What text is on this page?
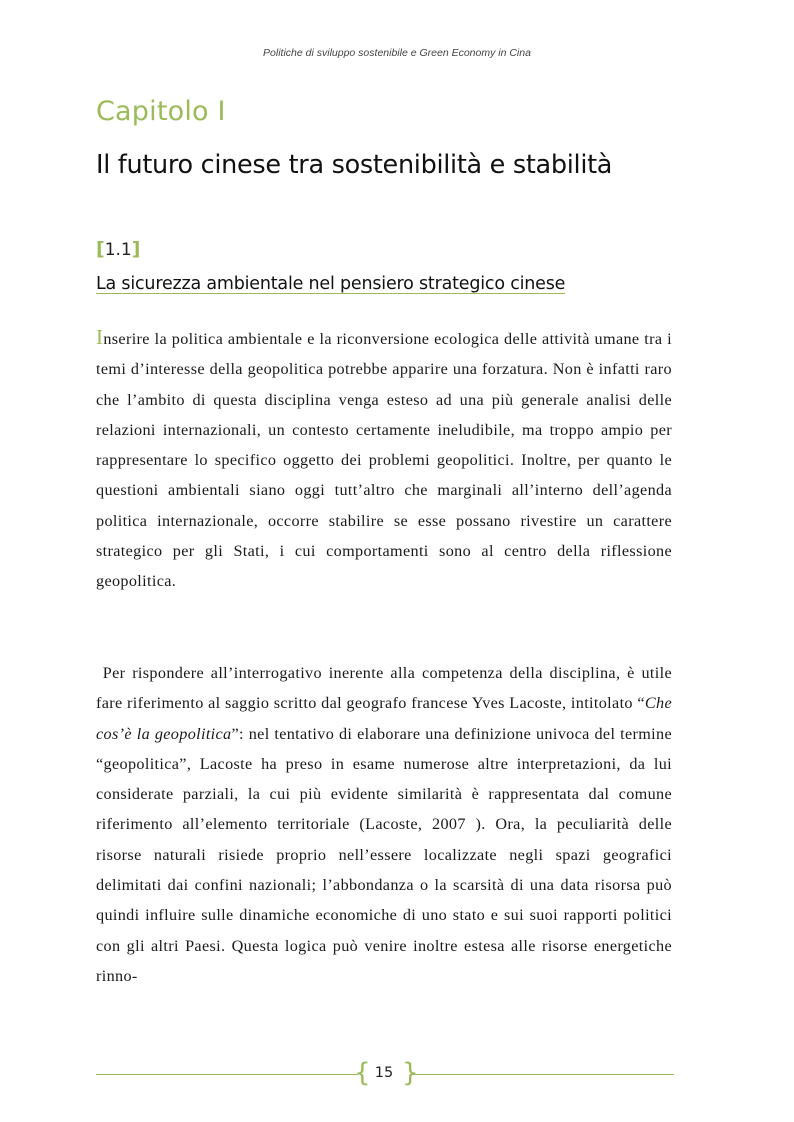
Politiche di sviluppo sostenibile e Green Economy in Cina
Capitolo I
Il futuro cinese tra sostenibilità e stabilità
[1.1]
La sicurezza ambientale nel pensiero strategico cinese

Inserire la politica ambientale e la riconversione ecologica delle attività umane tra i temi d’interesse della geopolitica potrebbe apparire una forzatura. Non è infatti raro che l’ambito di questa disciplina venga esteso ad una più generale analisi delle relazioni internazionali, un contesto certamente ineludibile, ma troppo ampio per rappresentare lo specifico oggetto dei problemi geopolitici. Inoltre, per quanto le questioni ambientali siano oggi tutt’altro che marginali all’interno dell’agenda politica internazionale, occorre stabilire se esse possano rivestire un carattere strategico per gli Stati, i cui comportamenti sono al centro della riflessione geopolitica.

Per rispondere all’interrogativo inerente alla competenza della disciplina, è utile fare riferimento al saggio scritto dal geografo francese Yves Lacoste, intitolato “Che cos’è la geopolitica”: nel tentativo di elaborare una definizione univoca del termine “geopolitica”, Lacoste ha preso in esame numerose altre interpretazioni, da lui considerate parziali, la cui più evidente similarità è rappresentata dal comune riferimento all’elemento territoriale (Lacoste, 2007 ). Ora, la peculiarità delle risorse naturali risiede proprio nell’essere localizzate negli spazi geografici delimitati dai confini nazionali; l’abbondanza o la scarsità di una data risorsa può quindi influire sulle dinamiche economiche di uno stato e sui suoi rapporti politici con gli altri Paesi. Questa logica può venire inoltre estesa alle risorse energetiche rinno-

{ 15 }
